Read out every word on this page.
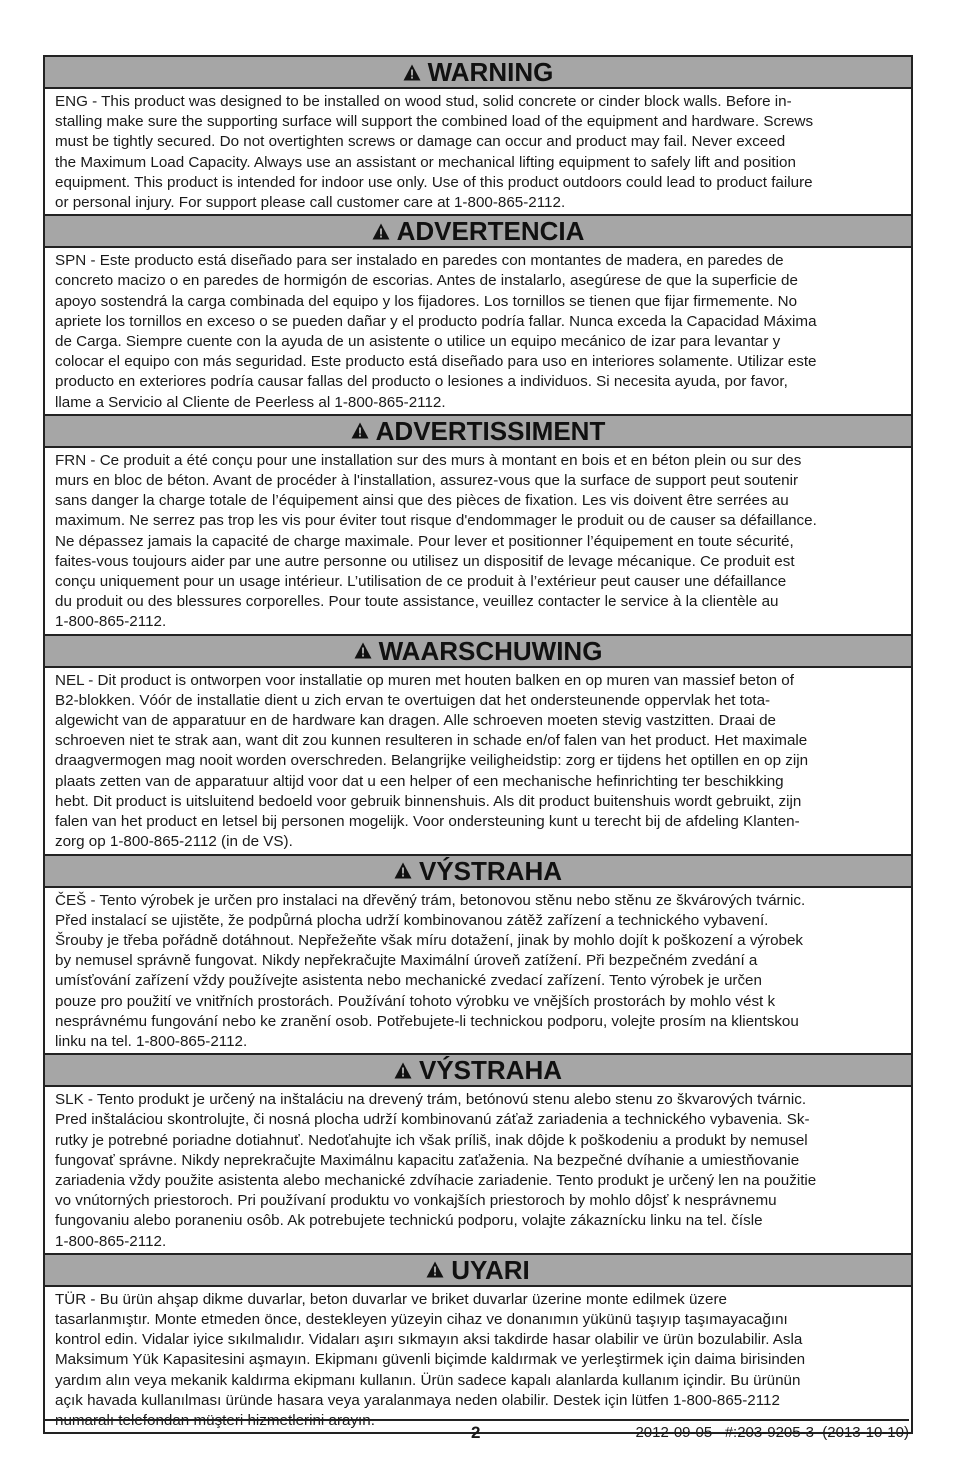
WARNING

ENG - This product was designed to be installed on wood stud, solid concrete or cinder block walls. Before in-
stalling make sure the supporting surface will support the combined load of the equipment and hardware. Screws
must be tightly secured. Do not overtighten screws or damage can occur and product may fail. Never exceed
the Maximum Load Capacity. Always use an assistant or mechanical lifting equipment to safely lift and position
equipment. This product is intended for indoor use only. Use of this product outdoors could lead to product failure
or personal injury. For support please call customer care at 1-800-865-2112.

ADVERTENCIA

SPN - Este producto está diseñado para ser instalado en paredes con montantes de madera, en paredes de
concreto macizo o en paredes de hormigón de escorias. Antes de instalarlo, asegúrese de que la superficie de
apoyo sostendrá la carga combinada del equipo y los fijadores. Los tornillos se tienen que fijar firmemente. No
apriete los tornillos en exceso o se pueden dañar y el producto podría fallar. Nunca exceda la Capacidad Máxima
de Carga. Siempre cuente con la ayuda de un asistente o utilice un equipo mecánico de izar para levantar y
colocar el equipo con más seguridad. Este producto está diseñado para uso en interiores solamente. Utilizar este
producto en exteriores podría causar fallas del producto o lesiones a individuos. Si necesita ayuda, por favor,
llame a Servicio al Cliente de Peerless al 1-800-865-2112.

ADVERTISSIMENT

FRN - Ce produit a été conçu pour une installation sur des murs à montant en bois et en béton plein ou sur des
murs en bloc de béton. Avant de procéder à l'installation, assurez-vous que la surface de support peut soutenir
sans danger la charge totale de l’équipement ainsi que des pièces de fixation. Les vis doivent être serrées au
maximum. Ne serrez pas trop les vis pour éviter tout risque d'endommager le produit ou de causer sa défaillance.
Ne dépassez jamais la capacité de charge maximale. Pour lever et positionner l’équipement en toute sécurité,
faites-vous toujours aider par une autre personne ou utilisez un dispositif de levage mécanique. Ce produit est
conçu uniquement pour un usage intérieur. L’utilisation de ce produit à l’extérieur peut causer une défaillance
du produit ou des blessures corporelles. Pour toute assistance, veuillez contacter le service à la clientèle au
1-800-865-2112.

WAARSCHUWING

NEL - Dit product is ontworpen voor installatie op muren met houten balken en op muren van massief beton of
B2-blokken. Vóór de installatie dient u zich ervan te overtuigen dat het ondersteunende oppervlak het tota-
algewicht van de apparatuur en de hardware kan dragen. Alle schroeven moeten stevig vastzitten. Draai de
schroeven niet te strak aan, want dit zou kunnen resulteren in schade en/of falen van het product. Het maximale
draagvermogen mag nooit worden overschreden. Belangrijke veiligheidstip: zorg er tijdens het optillen en op zijn
plaats zetten van de apparatuur altijd voor dat u een helper of een mechanische hefinrichting ter beschikking
hebt. Dit product is uitsluitend bedoeld voor gebruik binnenshuis. Als dit product buitenshuis wordt gebruikt, zijn
falen van het product en letsel bij personen mogelijk. Voor ondersteuning kunt u terecht bij de afdeling Klanten-
zorg op 1-800-865-2112 (in de VS).

VÝSTRAHA

ČEŠ - Tento výrobek je určen pro instalaci na dřevěný trám, betonovou stěnu nebo stěnu ze škvárových tvárnic.
Před instalací se ujistěte, že podpůrná plocha udrží kombinovanou zátěž zařízení a technického vybavení.
Šrouby je třeba pořádně dotáhnout. Nepřežeňte však míru dotažení, jinak by mohlo dojít k poškození a výrobek
by nemusel správně fungovat. Nikdy nepřekračujte Maximální úroveň zatížení. Při bezpečném zvedání a
umísťování zařízení vždy používejte asistenta nebo mechanické zvedací zařízení. Tento výrobek je určen
pouze pro použití ve vnitřních prostorách. Používání tohoto výrobku ve vnějších prostorách by mohlo vést k
nesprávnému fungování nebo ke zranění osob. Potřebujete-li technickou podporu, volejte prosím na klientskou
linku na tel. 1-800-865-2112.

VÝSTRAHA

SLK - Tento produkt je určený na inštaláciu na drevený trám, betónovú stenu alebo stenu zo škvarových tvárnic.
Pred inštaláciou skontrolujte, či nosná plocha udrží kombinovanú záťaž zariadenia a technického vybavenia. Sk-
rutky je potrebné poriadne dotiahnuť. Nedoťahujte ich však príliš, inak dôjde k poškodeniu a produkt by nemusel
fungovať správne. Nikdy neprekračujte Maximálnu kapacitu zaťaženia. Na bezpečné dvíhanie a umiestňovanie
zariadenia vždy použite asistenta alebo mechanické zdvíhacie zariadenie. Tento produkt je určený len na použitie
vo vnútorných priestoroch. Pri používaní produktu vo vonkajších priestoroch by mohlo dôjsť k nesprávnemu
fungovaniu alebo poraneniu osôb. Ak potrebujete technickú podporu, volajte zákaznícku linku na tel. čísle
1-800-865-2112.

UYARI

TÜR - Bu ürün ahşap dikme duvarlar, beton duvarlar ve briket duvarlar üzerine monte edilmek üzere
tasarlanmıştır. Monte etmeden önce, destekleyen yüzeyin cihaz ve donanımın yükünü taşıyıp taşımayacağını
kontrol edin. Vidalar iyice sıkılmalıdır. Vidaları aşırı sıkmayın aksi takdirde hasar olabilir ve ürün bozulabilir. Asla
Maksimum Yük Kapasitesini aşmayın. Ekipmanı güvenli biçimde kaldırmak ve yerleştirmek için daima birisinden
yardım alın veya mekanik kaldırma ekipmanı kullanın. Ürün sadece kapalı alanlarda kullanım içindir. Bu ürünün
açık havada kullanılması üründe hasara veya yaralanmaya neden olabilir. Destek için lütfen 1-800-865-2112
numaralı telefondan müşteri hizmetlerini arayın.

2	2012-09-05   #:203-9205-3  (2013-10-10)
